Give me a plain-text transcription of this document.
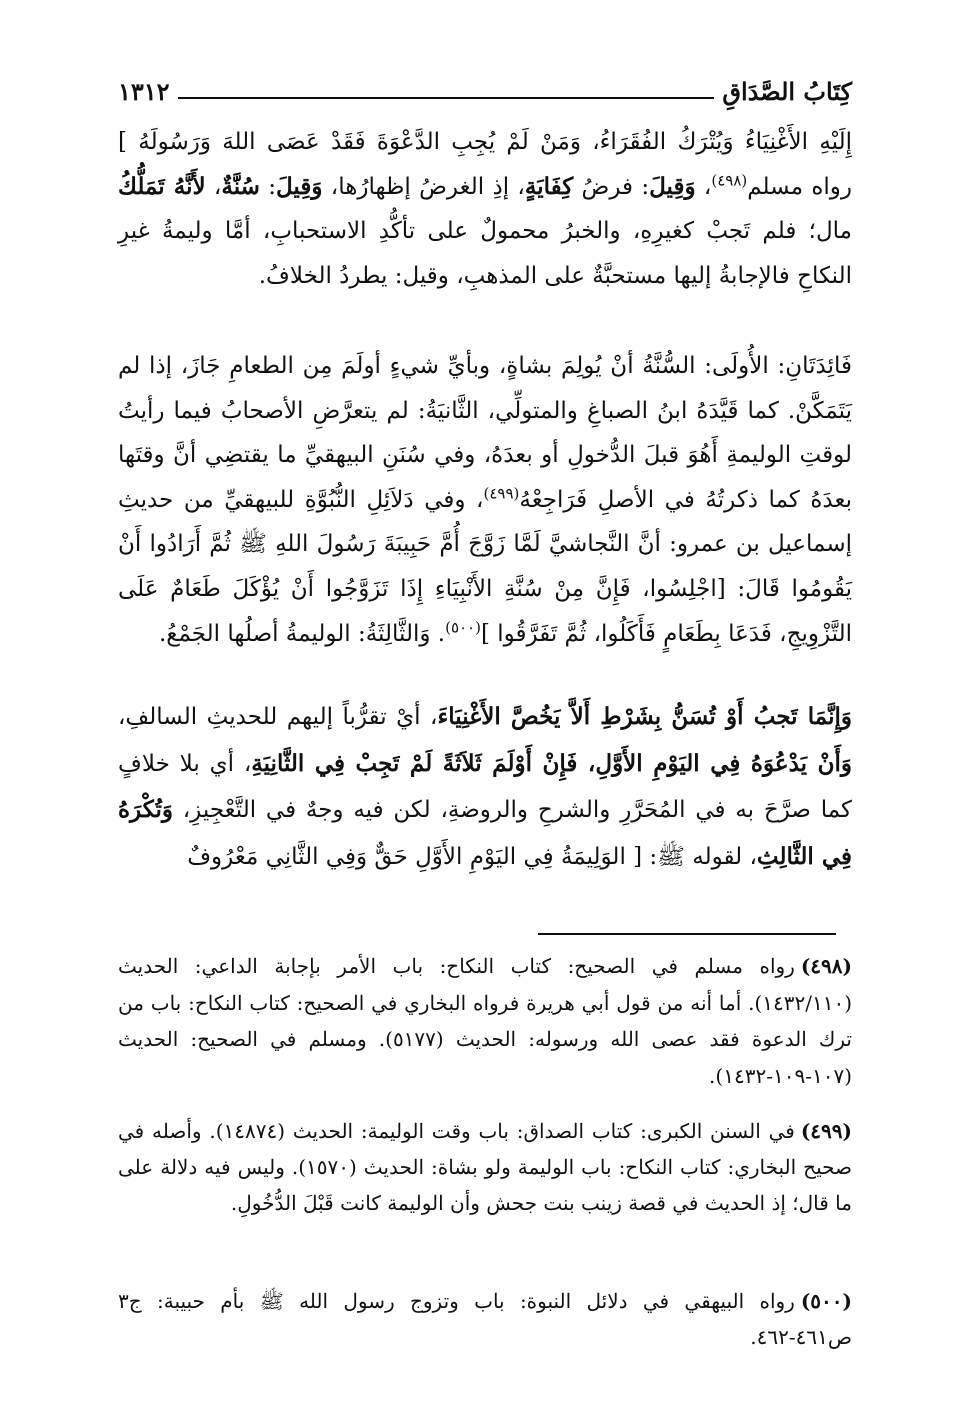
كِتَابُ الصَّدَاقِ
١٣١٢

إِلَيْهِ الأَغْنِيَاءُ وَيُتْرَكُ الفُقَرَاءُ، وَمَنْ لَمْ يُجِبِ الدَّعْوَةَ فَقَدْ عَصَى اللهَ وَرَسُولَهُ ] رواه مسلم$^{(٤٩٨)}$، وَقِيلَ: فرضُ كِفَايَةٍ، إذِ الغرضُ إظهارُها، وَقِيلَ: سُنَّةٌ، لأَنَّهُ تَمَلُّكُ مال؛ فلم تَجبْ كغيرِهِ، والخبرُ محمولٌ على تأكُّدِ الاستحبابِ، أمَّا وليمةُ غيرِ النكاحِ فالإجابةُ إليها مستحبَّةٌ على المذهبِ، وقيل: يطردُ الخلافُ.

فَائِدَتَانِ: الأُولَى: السُّنَّةُ أنْ يُولِمَ بشاةٍ، وبأيِّ شيءٍ أولَمَ مِن الطعامِ جَازَ، إذا لم يَتَمَكَّنْ. كما قَيَّدَهُ ابنُ الصباغِ والمتولِّي، الثَّانيَةُ: لم يتعرَّضِ الأصحابُ فيما رأيتُ لوقتِ الوليمةِ أَهُوَ قبلَ الدُّخولِ أو بعدَهُ، وفي سُنَنِ البيهقيِّ ما يقتضِي أنَّ وقتَها بعدَهُ كما ذكرتُهُ في الأصلِ فَرَاجِعْهُ$^{(٤٩٩)}$، وفي دَلاَئِلِ النُّبُوَّةِ للبيهقيِّ من حديثِ إسماعيل بن عمرو: أنَّ النَّجاشيَّ لَمَّا زَوَّجَ أُمَّ حَبِيبَةَ رَسُولَ اللهِ ﷺ ثُمَّ أَرَادُوا أَنْ يَقُومُوا قَالَ: [اجْلِسُوا، فَإِنَّ مِنْ سُنَّةِ الأَنْبِيَاءِ إِذَا تَزَوَّجُوا أَنْ يُؤْكَلَ طَعَامٌ عَلَى التَّزْوِيجِ، فَدَعَا بِطَعَامٍ فَأَكَلُوا، ثُمَّ تَفَرَّقُوا ]$^{(٥٠٠)}$. وَالثَّالِثَةُ: الوليمةُ أصلُها الجَمْعُ.

وَإِنَّمَا تَجبُ أَوْ تُسَنُّ بِشَرْطِ أَلاَّ يَخُصَّ الأَغْنِيَاءَ، أيْ تقرُّباً إليهم للحديثِ السالفِ، وَأَنْ يَدْعُوَهُ فِي اليَوْمِ الأَوَّلِ، فَإِنْ أَوْلَمَ ثَلاَثَةً لَمْ تَجِبْ فِي الثَّانِيَةِ، أي بلا خلافٍ كما صرَّحَ به في المُحَرَّرِ والشرحِ والروضةِ، لكن فيه وجهٌ في التَّعْجِيزِ، وَتُكْرَهُ فِي الثَّالِثِ، لقوله ﷺ: [ الوَلِيمَةُ فِي اليَوْمِ الأَوَّلِ حَقٌّ وَفِي الثَّانِي مَعْرُوفٌ

(٤٩٨)رواه مسلم في الصحيح: كتاب النكاح: باب الأمر بإجابة الداعي: الحديث (١٤٣٢/١١٠). أما أنه من قول أبي هريرة فرواه البخاري في الصحيح: كتاب النكاح: باب من ترك الدعوة فقد عصى الله ورسوله: الحديث (٥١٧٧). ومسلم في الصحيح: الحديث (١٠٧-١٠٩-١٤٣٢).

(٤٩٩)في السنن الكبرى: كتاب الصداق: باب وقت الوليمة: الحديث (١٤٨٧٤). وأصله في صحيح البخاري: كتاب النكاح: باب الوليمة ولو بشاة: الحديث (١٥٧٠). وليس فيه دلالة على ما قال؛ إذ الحديث في قصة زينب بنت جحش وأن الوليمة كانت قَبْلَ الدُّخُولِ.

(٥٠٠)رواه البيهقي في دلائل النبوة: باب وتزوج رسول الله ﷺ بأم حبيبة: ج٣ ص٤٦١-٤٦٢.
